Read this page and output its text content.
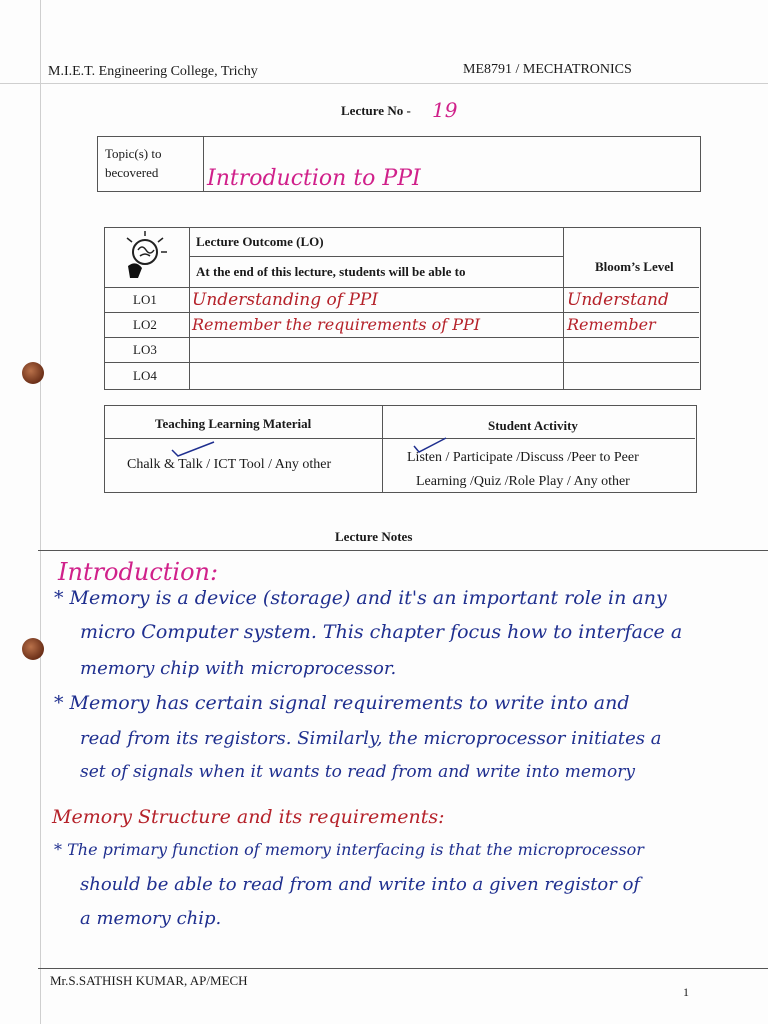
M.I.E.T. Engineering College, Trichy	ME8791 / MECHATRONICS
Lecture No - 19
Topic(s) to becovered	Introduction to PPI
Lecture Outcome (LO)
At the end of this lecture, students will be able to	Bloom’s Level
LO1 Understanding of PPI	Understand
LO2 Remember the requirements of PPI	Remember
LO3
LO4
Teaching Learning Material	Student Activity
Chalk & Talk / ICT Tool / Any other	Listen / Participate /Discuss /Peer to Peer
Learning /Quiz /Role Play / Any other
Lecture Notes
Introduction:
* Memory is a device (storage) and it's an important role in any
micro Computer system. This chapter focus how to interface a
memory chip with microprocessor.
* Memory has certain signal requirements to write into and
read from its registors. Similarly, the microprocessor initiates a
set of signals when it wants to read from and write into memory
Memory Structure and its requirements:
* The primary function of memory interfacing is that the microprocessor
should be able to read from and write into a given registor of
a memory chip.
Mr.S.SATHISH KUMAR, AP/MECH
1
